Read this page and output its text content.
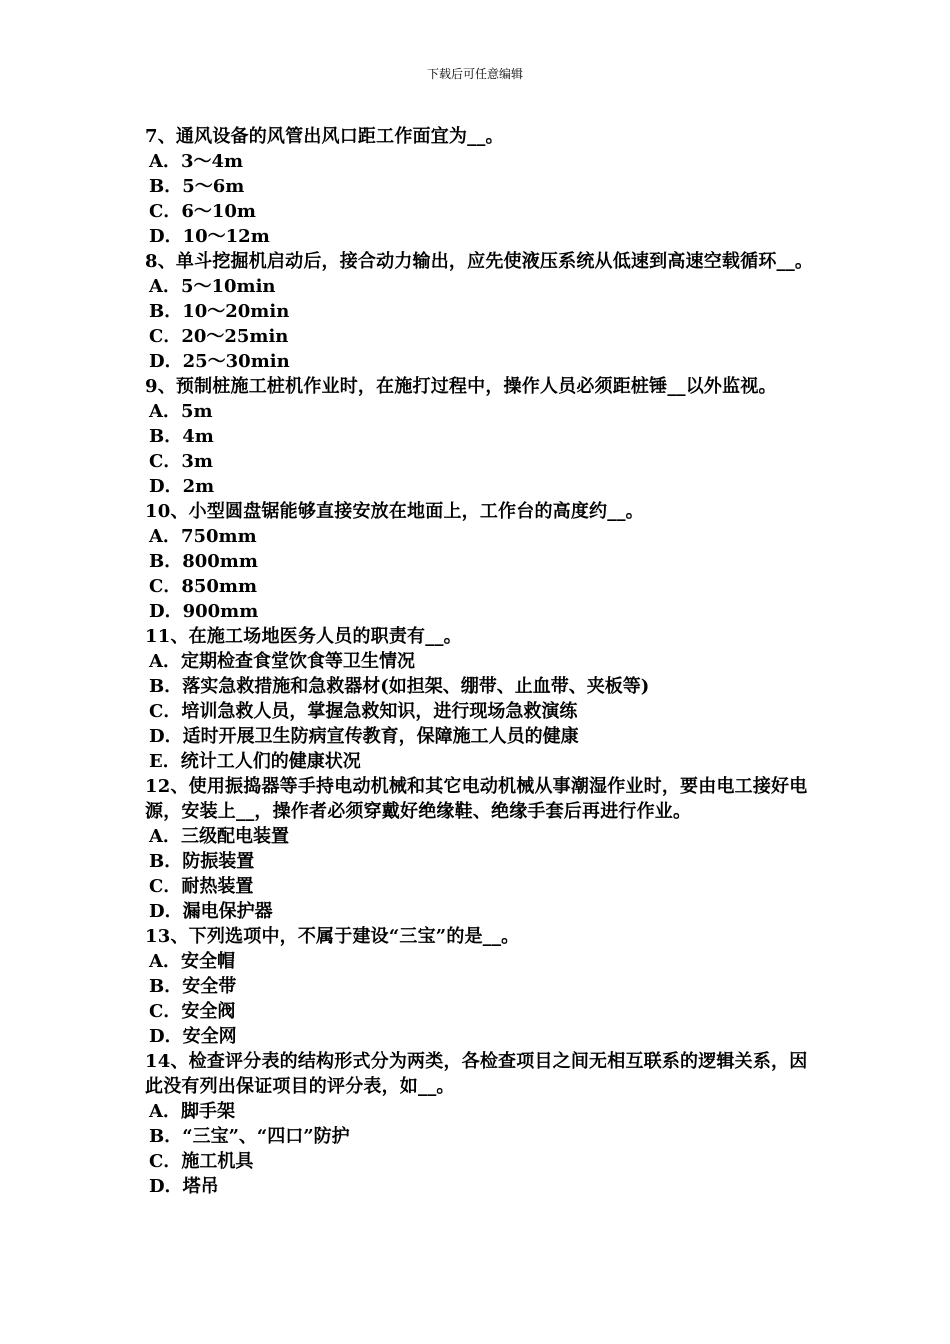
下载后可任意编辑
7、通风设备的风管出风口距工作面宜为__。
A．3～4m
B．5～6m
C．6～10m
D．10～12m
8、单斗挖掘机启动后，接合动力输出，应先使液压系统从低速到高速空载循环__。
A．5～10min
B．10～20min
C．20～25min
D．25～30min
9、预制桩施工桩机作业时，在施打过程中，操作人员必须距桩锤__以外监视。
A．5m
B．4m
C．3m
D．2m
10、小型圆盘锯能够直接安放在地面上，工作台的高度约__。
A．750mm
B．800mm
C．850mm
D．900mm
11、在施工场地医务人员的职责有__。
A．定期检查食堂饮食等卫生情况
B．落实急救措施和急救器材(如担架、绷带、止血带、夹板等)
C．培训急救人员，掌握急救知识，进行现场急救演练
D．适时开展卫生防病宣传教育，保障施工人员的健康
E．统计工人们的健康状况
12、使用振捣器等手持电动机械和其它电动机械从事潮湿作业时，要由电工接好电源，安装上__，操作者必须穿戴好绝缘鞋、绝缘手套后再进行作业。
A．三级配电装置
B．防振装置
C．耐热装置
D．漏电保护器
13、下列选项中，不属于建设“三宝”的是__。
A．安全帽
B．安全带
C．安全阀
D．安全网
14、检查评分表的结构形式分为两类，各检查项目之间无相互联系的逻辑关系，因此没有列出保证项目的评分表，如__。
A．脚手架
B．“三宝”、“四口”防护
C．施工机具
D．塔吊
